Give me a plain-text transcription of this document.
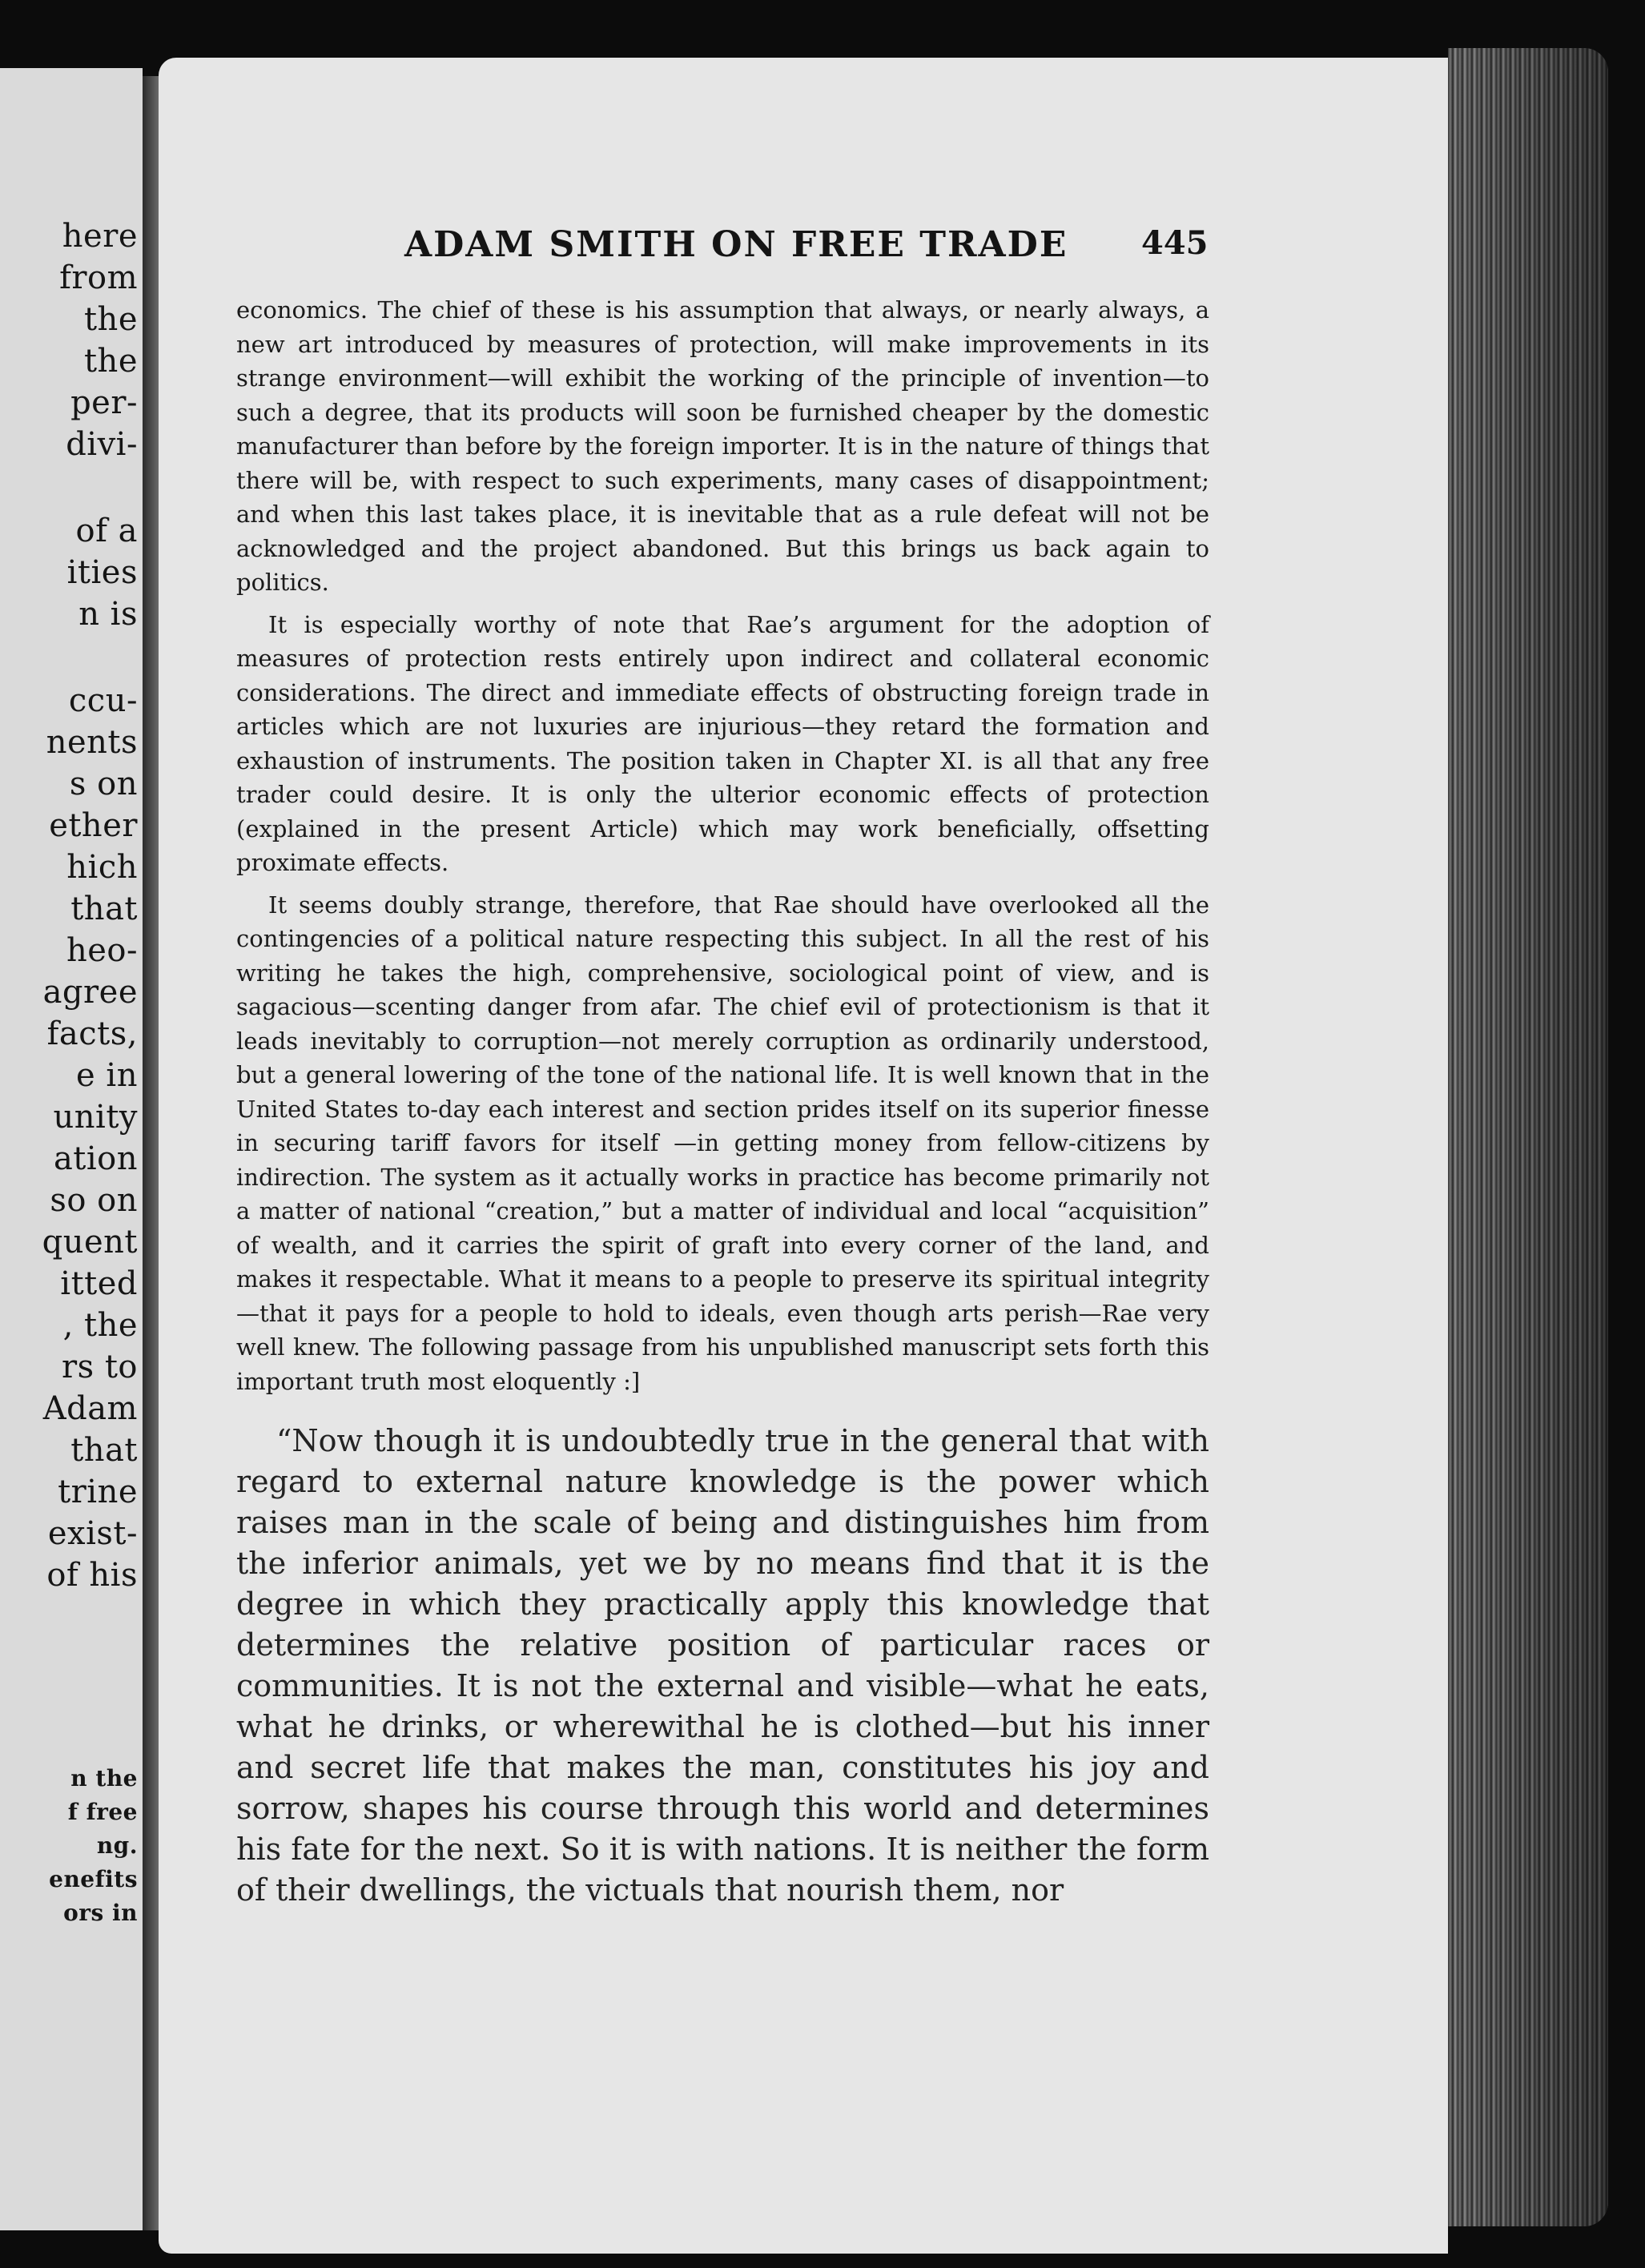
here
from
the
the
per-
divi-
of a
ities
n is
ccu-
nents
s on
ether
hich
that
heo-
agree
facts,
e in
unity
ation
so on
quent
itted
, the
rs to
Adam
that
trine
exist-
of his
n the
f free
ng.
enefits
ors in
ADAM SMITH ON FREE TRADE 445

economics. The chief of these is his assumption that always, or nearly always, a new art introduced by measures of protection, will make improvements in its strange environment—will exhibit the working of the principle of invention—to such a degree, that its products will soon be furnished cheaper by the domestic manufacturer than before by the foreign importer. It is in the nature of things that there will be, with respect to such experiments, many cases of disappointment; and when this last takes place, it is inevitable that as a rule defeat will not be acknowledged and the project abandoned. But this brings us back again to politics.

It is especially worthy of note that Rae’s argument for the adoption of measures of protection rests entirely upon indirect and collateral economic considerations. The direct and immediate effects of obstructing foreign trade in articles which are not luxuries are injurious—they retard the formation and exhaustion of instruments. The position taken in Chapter XI. is all that any free trader could desire. It is only the ulterior economic effects of protection (explained in the present Article) which may work beneficially, offsetting proximate effects.

It seems doubly strange, therefore, that Rae should have overlooked all the contingencies of a political nature respecting this subject. In all the rest of his writing he takes the high, comprehensive, sociological point of view, and is sagacious—scenting danger from afar. The chief evil of protectionism is that it leads inevitably to corruption—not merely corruption as ordinarily understood, but a general lowering of the tone of the national life. It is well known that in the United States to-day each interest and section prides itself on its superior finesse in securing tariff favors for itself —in getting money from fellow-citizens by indirection. The system as it actually works in practice has become primarily not a matter of national “creation,” but a matter of individual and local “acquisition” of wealth, and it carries the spirit of graft into every corner of the land, and makes it respectable. What it means to a people to preserve its spiritual integrity—that it pays for a people to hold to ideals, even though arts perish—Rae very well knew. The following passage from his unpublished manuscript sets forth this important truth most eloquently :]

“Now though it is undoubtedly true in the general that with regard to external nature knowledge is the power which raises man in the scale of being and distinguishes him from the inferior animals, yet we by no means find that it is the degree in which they practically apply this knowledge that determines the relative position of particular races or communities. It is not the external and visible—what he eats, what he drinks, or wherewithal he is clothed—but his inner and secret life that makes the man, constitutes his joy and sorrow, shapes his course through this world and determines his fate for the next. So it is with nations. It is neither the form of their dwellings, the victuals that nourish them, nor
